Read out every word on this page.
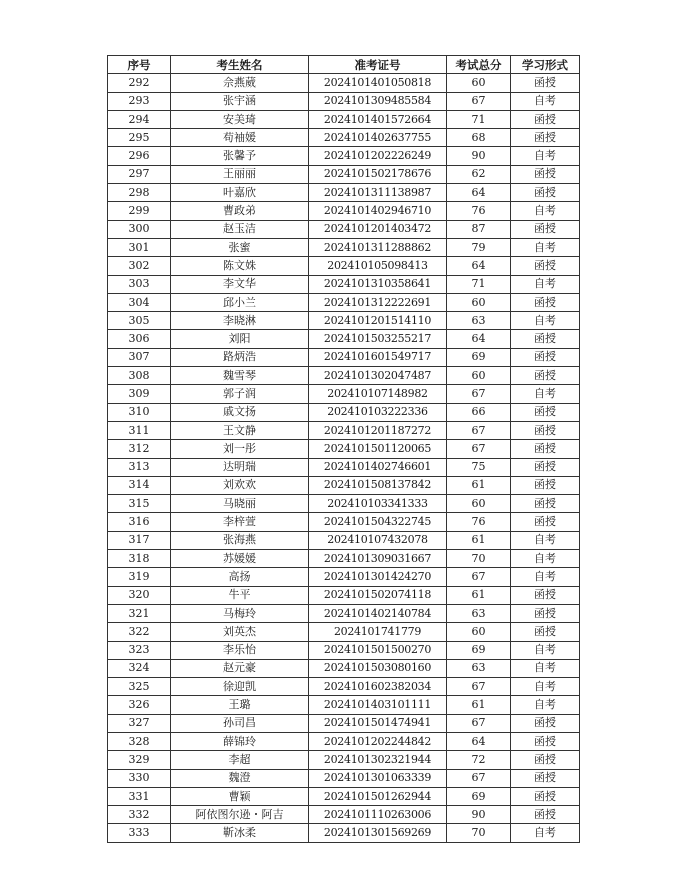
序号	考生姓名	准考证号	考试总分	学习形式
292	佘燕葳	2024101401050818	60	函授
293	张宇涵	2024101309485584	67	自考
294	安美琦	2024101401572664	71	函授
295	苟袖媛	2024101402637755	68	函授
296	张馨予	2024101202226249	90	自考
297	王丽丽	2024101502178676	62	函授
298	叶嘉欣	2024101311138987	64	函授
299	曹政弟	2024101402946710	76	自考
300	赵玉洁	2024101201403472	87	函授
301	张蜜	2024101311288862	79	自考
302	陈文姝	202410105098413	64	函授
303	李文华	2024101310358641	71	自考
304	邱小兰	2024101312222691	60	函授
305	李晓淋	2024101201514110	63	自考
306	刘阳	2024101503255217	64	函授
307	路炳浩	2024101601549717	69	函授
308	魏雪琴	2024101302047487	60	函授
309	郭子润	202410107148982	67	自考
310	戚文扬	202410103222336	66	函授
311	王文静	2024101201187272	67	函授
312	刘一彤	2024101501120065	67	函授
313	达明瑞	2024101402746601	75	函授
314	刘欢欢	2024101508137842	61	函授
315	马晓丽	202410103341333	60	函授
316	李梓萱	2024101504322745	76	函授
317	张海燕	202410107432078	61	自考
318	苏媛媛	2024101309031667	70	自考
319	高扬	2024101301424270	67	自考
320	牛平	2024101502074118	61	函授
321	马梅玲	2024101402140784	63	函授
322	刘英杰	2024101741779	60	函授
323	李乐怡	2024101501500270	69	自考
324	赵元豪	2024101503080160	63	自考
325	徐迎凯	2024101602382034	67	自考
326	王璐	2024101403101111	61	自考
327	孙司昌	2024101501474941	67	函授
328	薛锦玲	2024101202244842	64	函授
329	李超	2024101302321944	72	函授
330	魏澄	2024101301063339	67	函授
331	曹颖	2024101501262944	69	函授
332	阿依图尔逊・阿吉	2024101110263006	90	函授
333	靳冰柔	2024101301569269	70	自考
